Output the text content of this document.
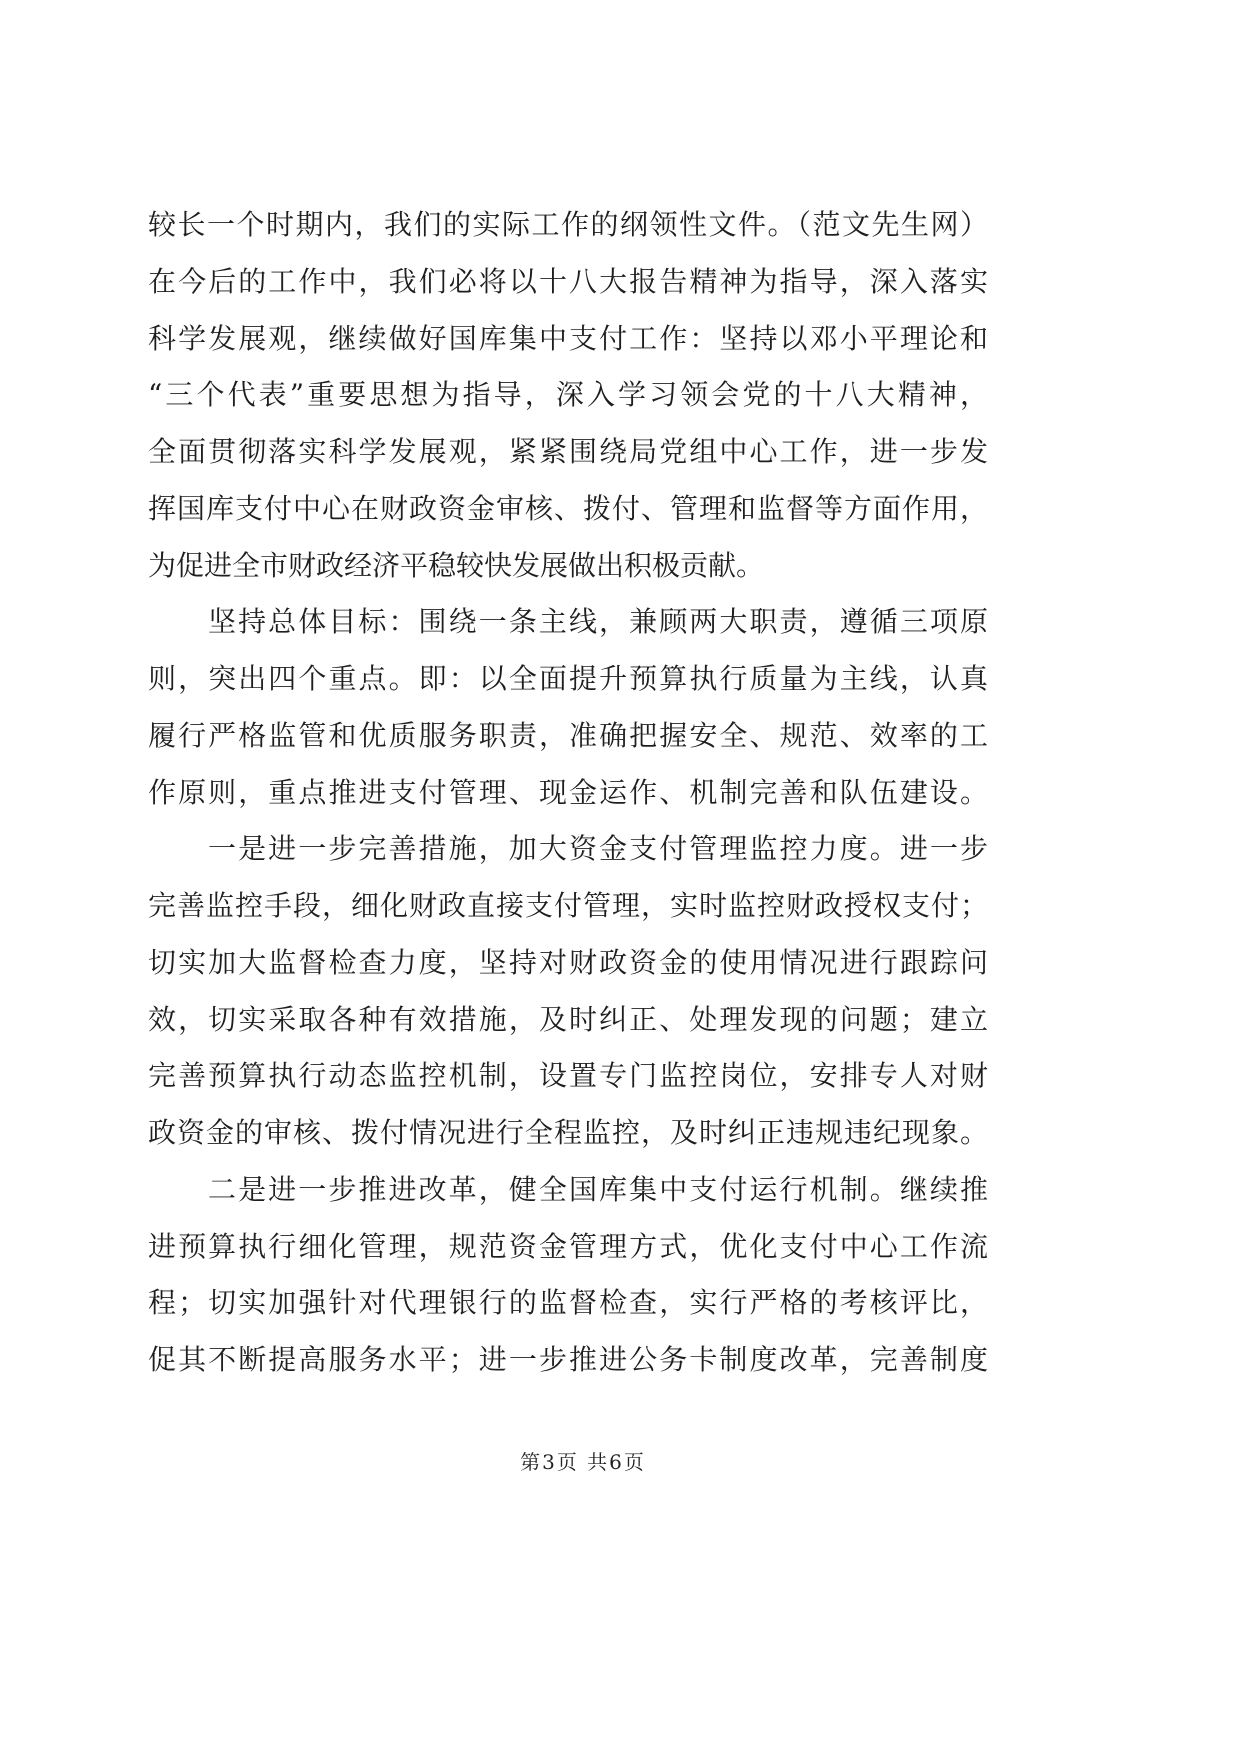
较长一个时期内，我们的实际工作的纲领性文件。（范文先生网）
在今后的工作中，我们必将以十八大报告精神为指导，深入落实
科学发展观，继续做好国库集中支付工作：坚持以邓小平理论和
“三个代表”重要思想为指导，深入学习领会党的十八大精神，
全面贯彻落实科学发展观，紧紧围绕局党组中心工作，进一步发
挥国库支付中心在财政资金审核、拨付、管理和监督等方面作用，
为促进全市财政经济平稳较快发展做出积极贡献。
坚持总体目标：围绕一条主线，兼顾两大职责，遵循三项原
则，突出四个重点。即：以全面提升预算执行质量为主线，认真
履行严格监管和优质服务职责，准确把握安全、规范、效率的工
作原则，重点推进支付管理、现金运作、机制完善和队伍建设。
一是进一步完善措施，加大资金支付管理监控力度。进一步
完善监控手段，细化财政直接支付管理，实时监控财政授权支付；
切实加大监督检查力度，坚持对财政资金的使用情况进行跟踪问
效，切实采取各种有效措施，及时纠正、处理发现的问题；建立
完善预算执行动态监控机制，设置专门监控岗位，安排专人对财
政资金的审核、拨付情况进行全程监控，及时纠正违规违纪现象。
二是进一步推进改革，健全国库集中支付运行机制。继续推
进预算执行细化管理，规范资金管理方式，优化支付中心工作流
程；切实加强针对代理银行的监督检查，实行严格的考核评比，
促其不断提高服务水平；进一步推进公务卡制度改革，完善制度
第3页 共6页
